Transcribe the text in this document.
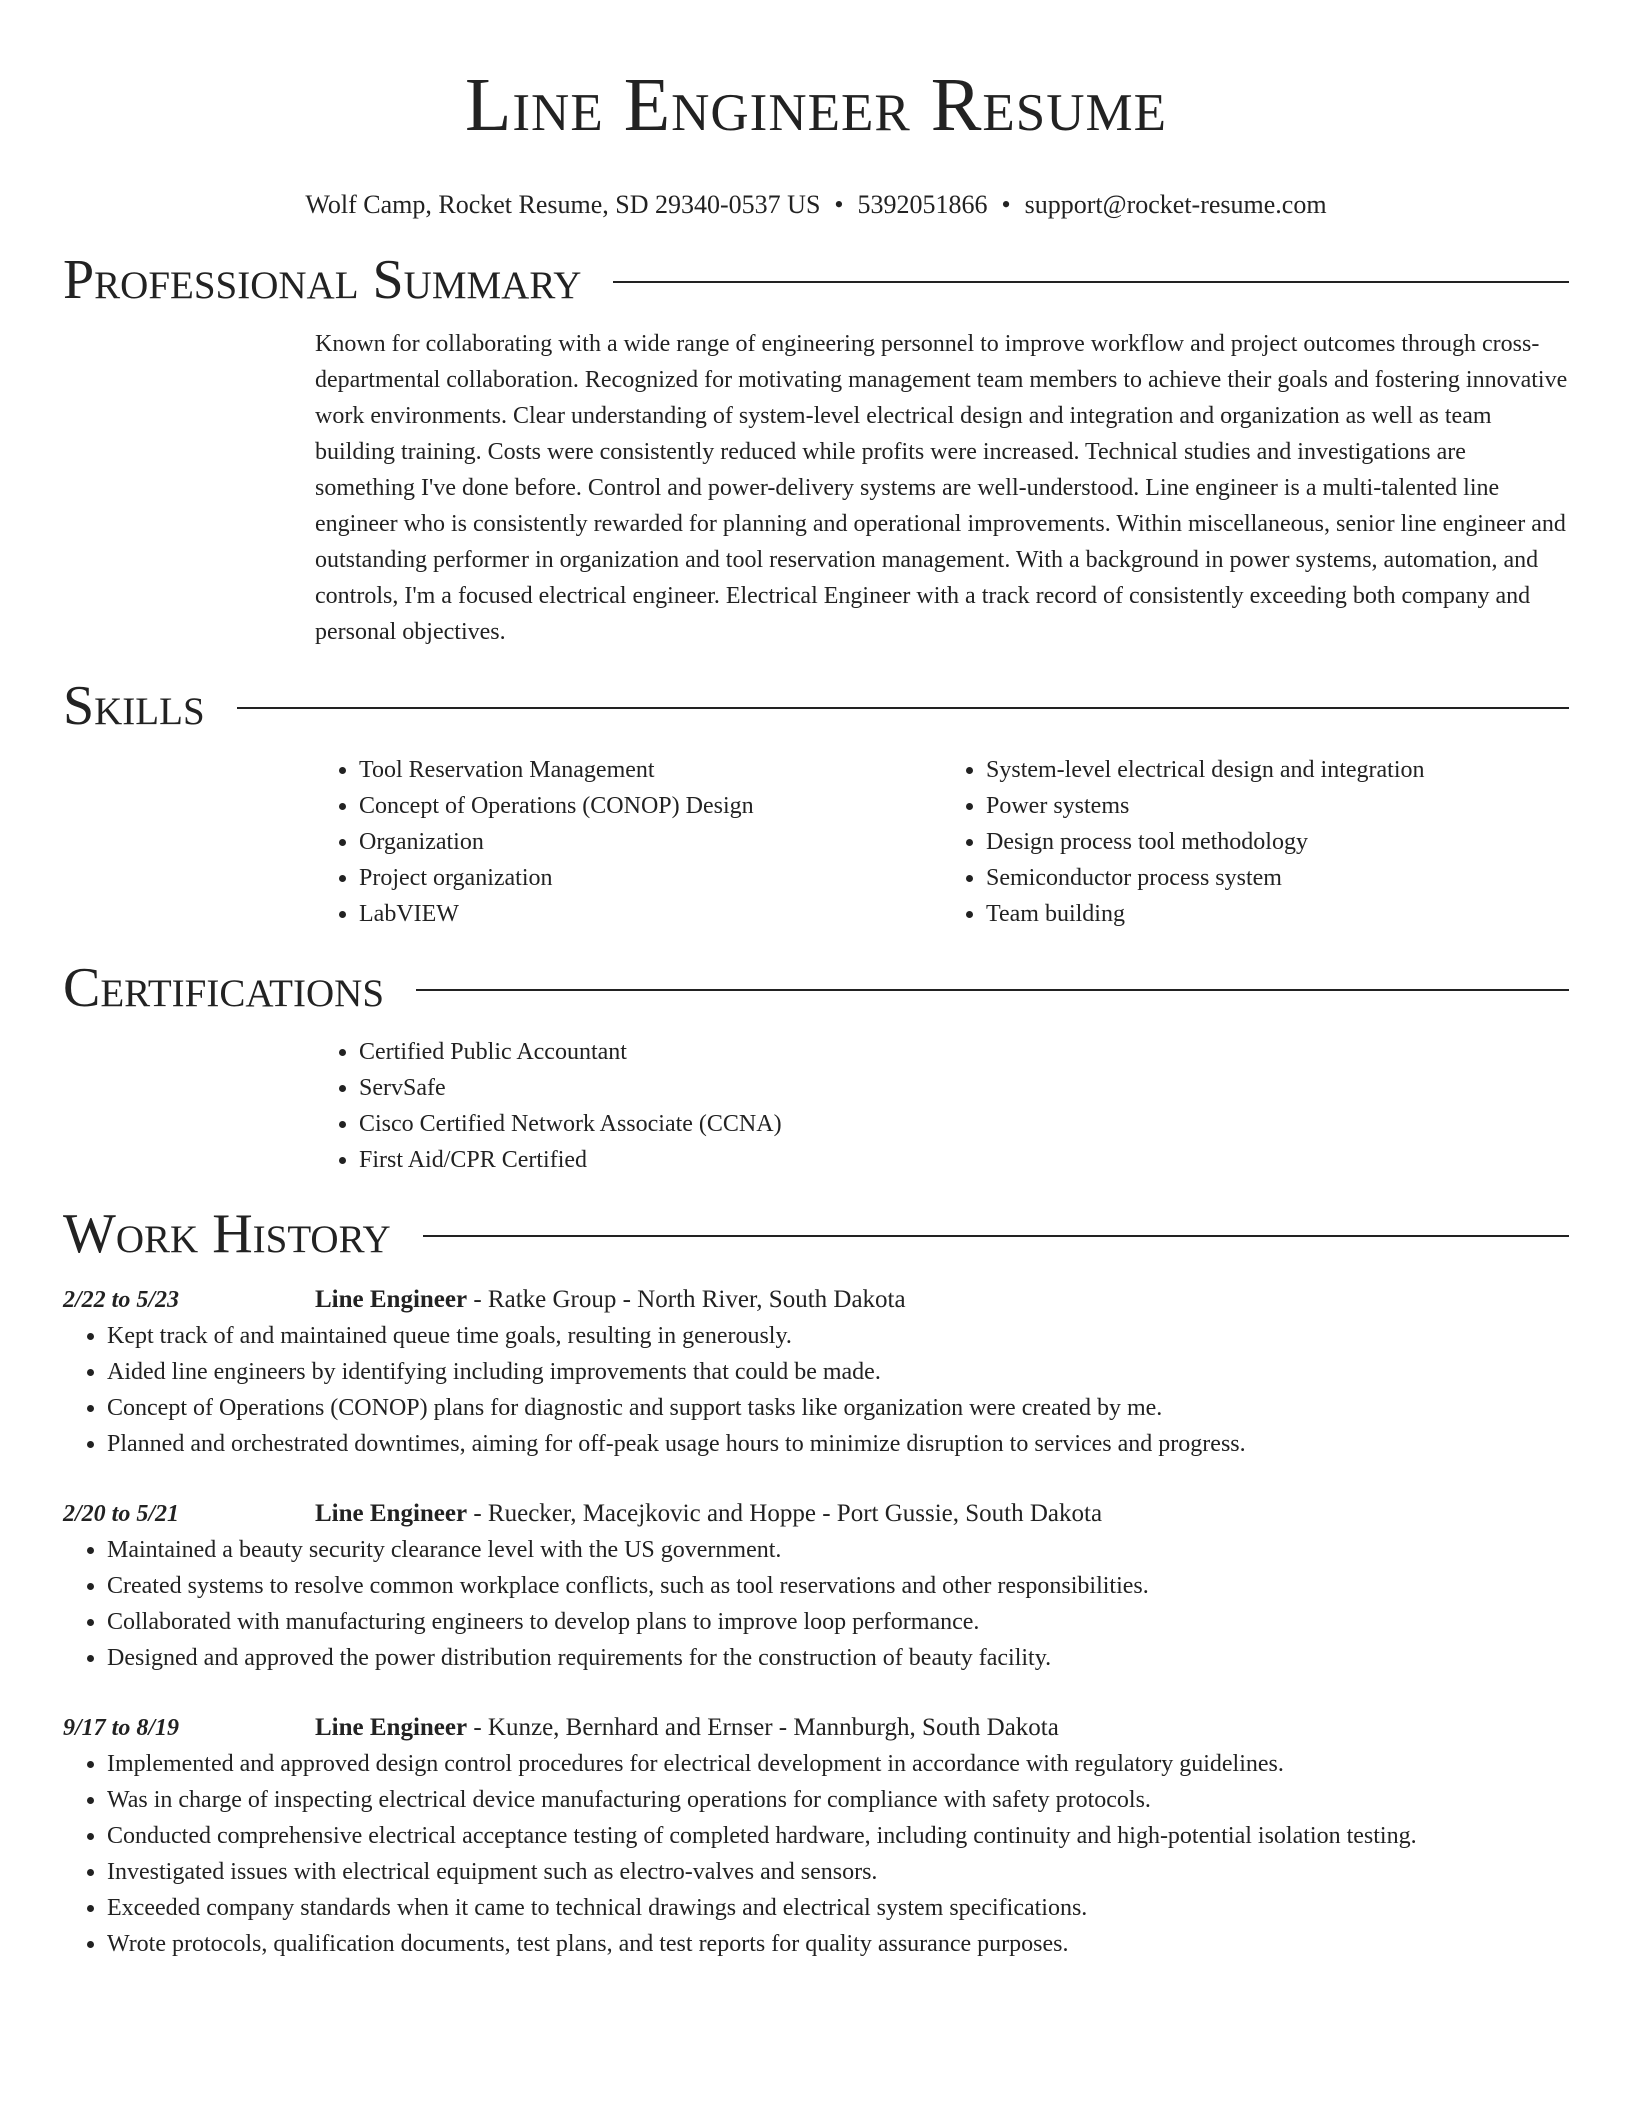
Line Engineer Resume
Wolf Camp, Rocket Resume, SD 29340-0537 US • 5392051866 • support@rocket-resume.com
Professional Summary

Known for collaborating with a wide range of engineering personnel to improve workflow and project outcomes through cross-departmental collaboration. Recognized for motivating management team members to achieve their goals and fostering innovative work environments. Clear understanding of system-level electrical design and integration and organization as well as team building training. Costs were consistently reduced while profits were increased. Technical studies and investigations are something I've done before. Control and power-delivery systems are well-understood. Line engineer is a multi-talented line engineer who is consistently rewarded for planning and operational improvements. Within miscellaneous, senior line engineer and outstanding performer in organization and tool reservation management. With a background in power systems, automation, and controls, I'm a focused electrical engineer. Electrical Engineer with a track record of consistently exceeding both company and personal objectives.

Skills
• Tool Reservation Management
• Concept of Operations (CONOP) Design
• Organization
• Project organization
• LabVIEW
• System-level electrical design and integration
• Power systems
• Design process tool methodology
• Semiconductor process system
• Team building
Certifications
• Certified Public Accountant
• ServSafe
• Cisco Certified Network Associate (CCNA)
• First Aid/CPR Certified
Work History
2/22 to 5/23	Line Engineer - Ratke Group - North River, South Dakota
• Kept track of and maintained queue time goals, resulting in generously.
• Aided line engineers by identifying including improvements that could be made.
• Concept of Operations (CONOP) plans for diagnostic and support tasks like organization were created by me.
• Planned and orchestrated downtimes, aiming for off-peak usage hours to minimize disruption to services and progress.
2/20 to 5/21	Line Engineer - Ruecker, Macejkovic and Hoppe - Port Gussie, South Dakota
• Maintained a beauty security clearance level with the US government.
• Created systems to resolve common workplace conflicts, such as tool reservations and other responsibilities.
• Collaborated with manufacturing engineers to develop plans to improve loop performance.
• Designed and approved the power distribution requirements for the construction of beauty facility.
9/17 to 8/19	Line Engineer - Kunze, Bernhard and Ernser - Mannburgh, South Dakota
• Implemented and approved design control procedures for electrical development in accordance with regulatory guidelines.
• Was in charge of inspecting electrical device manufacturing operations for compliance with safety protocols.
• Conducted comprehensive electrical acceptance testing of completed hardware, including continuity and high-potential isolation testing.
• Investigated issues with electrical equipment such as electro-valves and sensors.
• Exceeded company standards when it came to technical drawings and electrical system specifications.
• Wrote protocols, qualification documents, test plans, and test reports for quality assurance purposes.
